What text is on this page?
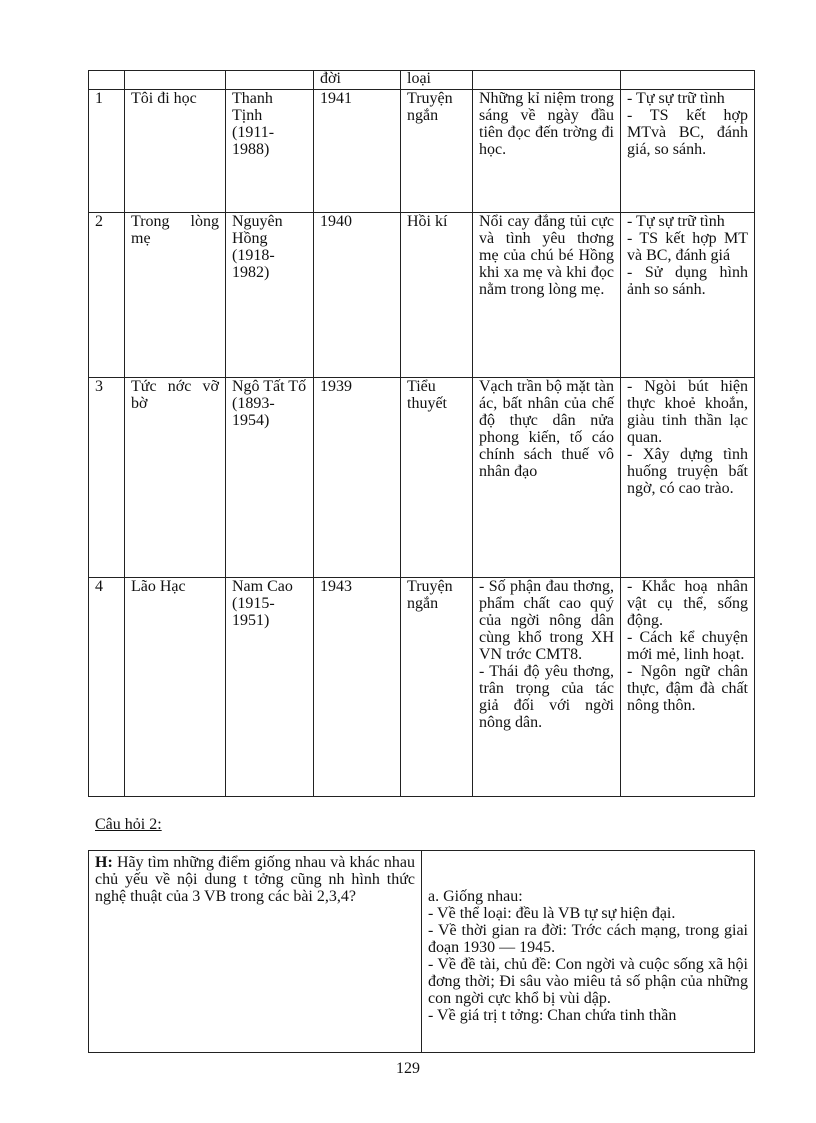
			đời	loại		
1	Tôi đi học	Thanh
Tịnh
(1911-
1988)	1941	Truyện
ngắn	Những kỉ niệm trong sáng về ngày đầu tiên đọc đến trờng đi học.	- Tự sự trữ tình
- TS kết hợp MTvà BC, đánh giá, so sánh.
2	Trong lòng mẹ	Nguyên
Hồng
(1918-
1982)	1940	Hồi kí	Nổi cay đắng tủi cực và tình yêu thơng mẹ của chú bé Hồng khi xa mẹ và khi đọc nằm trong lòng mẹ.	- Tự sự trữ tình
- TS kết hợp MT và BC, đánh giá
- Sử dụng hình ảnh so sánh.
3	Tức nớc vỡ bờ	Ngô Tất Tố
(1893-
1954)	1939	Tiểu
thuyết	Vạch trần bộ mặt tàn ác, bất nhân của chế độ thực dân nửa phong kiến, tố cáo chính sách thuế vô nhân đạo	- Ngòi bút hiện thực khoẻ khoắn, giàu tinh thần lạc quan.
- Xây dựng tình huống truyện bất ngờ, có cao trào.
4	Lão Hạc	Nam Cao
(1915-
1951)	1943	Truyện
ngắn	- Số phận đau thơng, phẩm chất cao quý của ngời nông dân cùng khổ trong XH VN trớc CMT8.
- Thái độ yêu thơng, trân trọng của tác giả đối với ngời nông dân.	- Khắc hoạ nhân vật cụ thể, sống động.
- Cách kể chuyện mới mẻ, linh hoạt.
- Ngôn ngữ chân thực, đậm đà chất nông thôn.
Câu hỏi 2:
H: Hãy tìm những điểm giống nhau và khác nhau chủ yếu về nội dung t tởng cũng nh hình thức nghệ thuật của 3 VB trong các bài 2,3,4?	a. Giống nhau:
- Về thể loại: đều là VB tự sự hiện đại.
- Về thời gian ra đời: Trớc cách mạng, trong giai đoạn 1930 — 1945.
- Về đề tài, chủ đề: Con ngời và cuộc sống xã hội đơng thời; Đi sâu vào miêu tả số phận của những con ngời cực khổ bị vùi dập.
- Về giá trị t tởng: Chan chứa tinh thần
129
